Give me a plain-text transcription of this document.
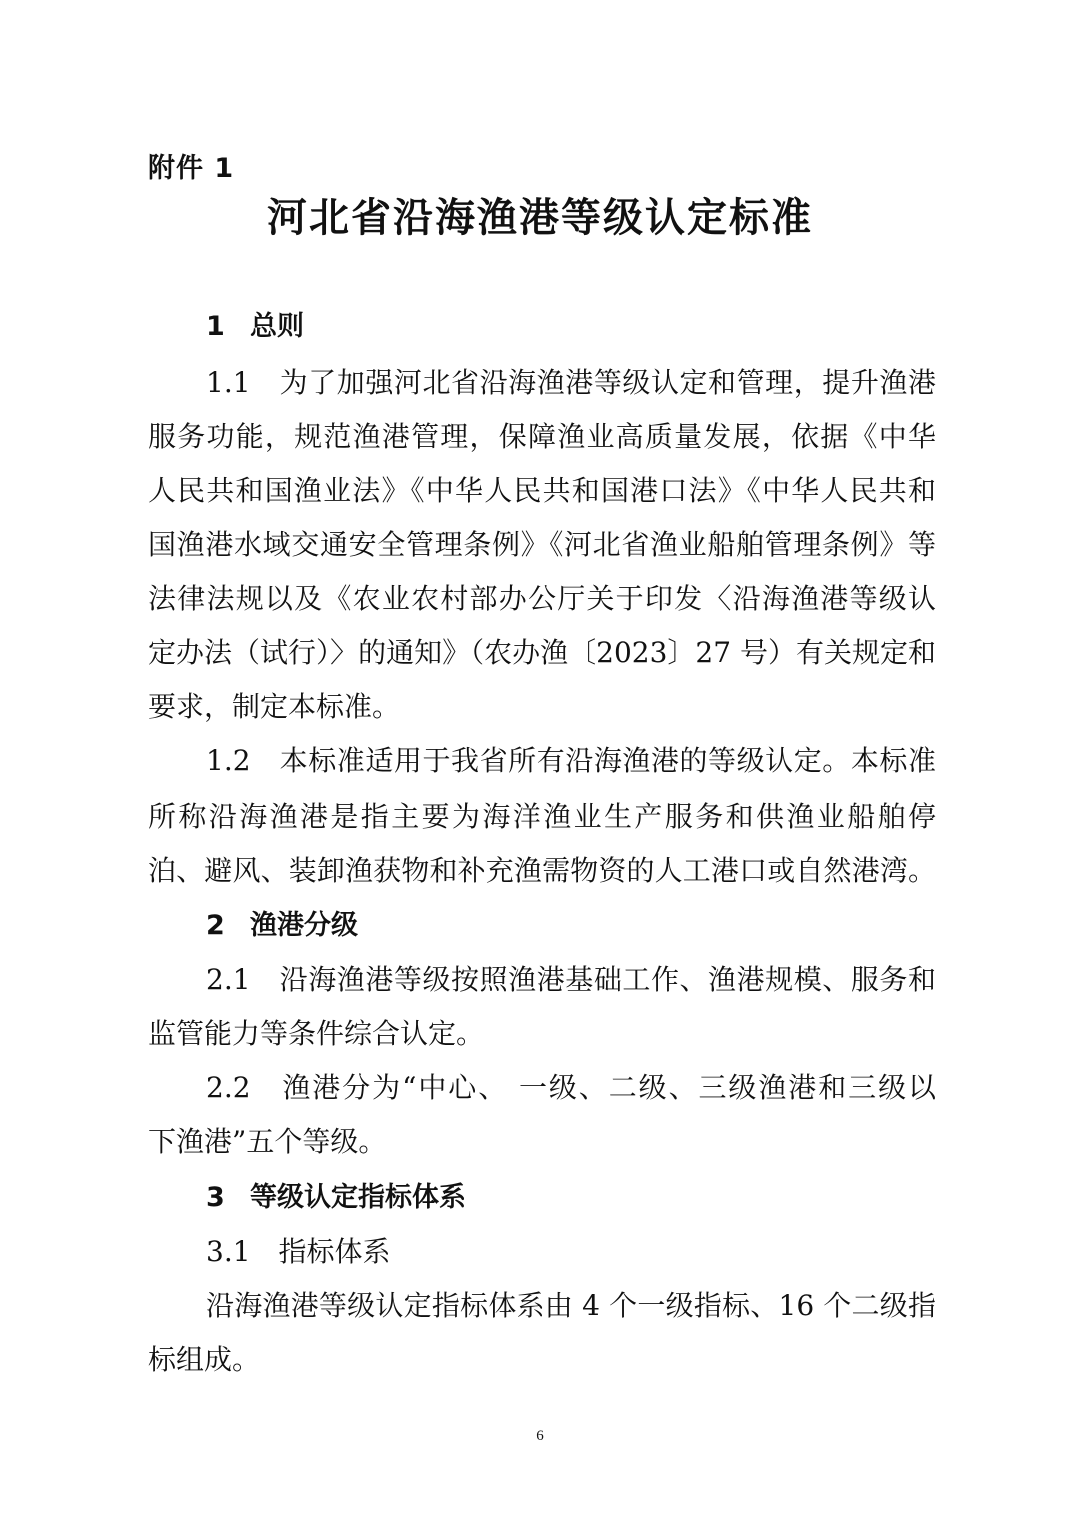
附件 1
河北省沿海渔港等级认定标准
1 总则
1.1　为了加强河北省沿海渔港等级认定和管理，提升渔港
服务功能，规范渔港管理，保障渔业高质量发展，依据《中华
人民共和国渔业法》《中华人民共和国港口法》《中华人民共和
国渔港水域交通安全管理条例》《河北省渔业船舶管理条例》等
法律法规以及《农业农村部办公厅关于印发〈沿海渔港等级认
定办法（试行）〉的通知》（农办渔〔2023〕27 号）有关规定和
要求，制定本标准。
1.2　本标准适用于我省所有沿海渔港的等级认定。本标准
所称沿海渔港是指主要为海洋渔业生产服务和供渔业船舶停
泊、避风、装卸渔获物和补充渔需物资的人工港口或自然港湾。
2 渔港分级
2.1　沿海渔港等级按照渔港基础工作、渔港规模、服务和
监管能力等条件综合认定。
2.2　渔港分为“中心、 一级、二级、三级渔港和三级以
下渔港”五个等级。
3 等级认定指标体系
3.1　指标体系
沿海渔港等级认定指标体系由 4 个一级指标、16 个二级指
标组成。
6
